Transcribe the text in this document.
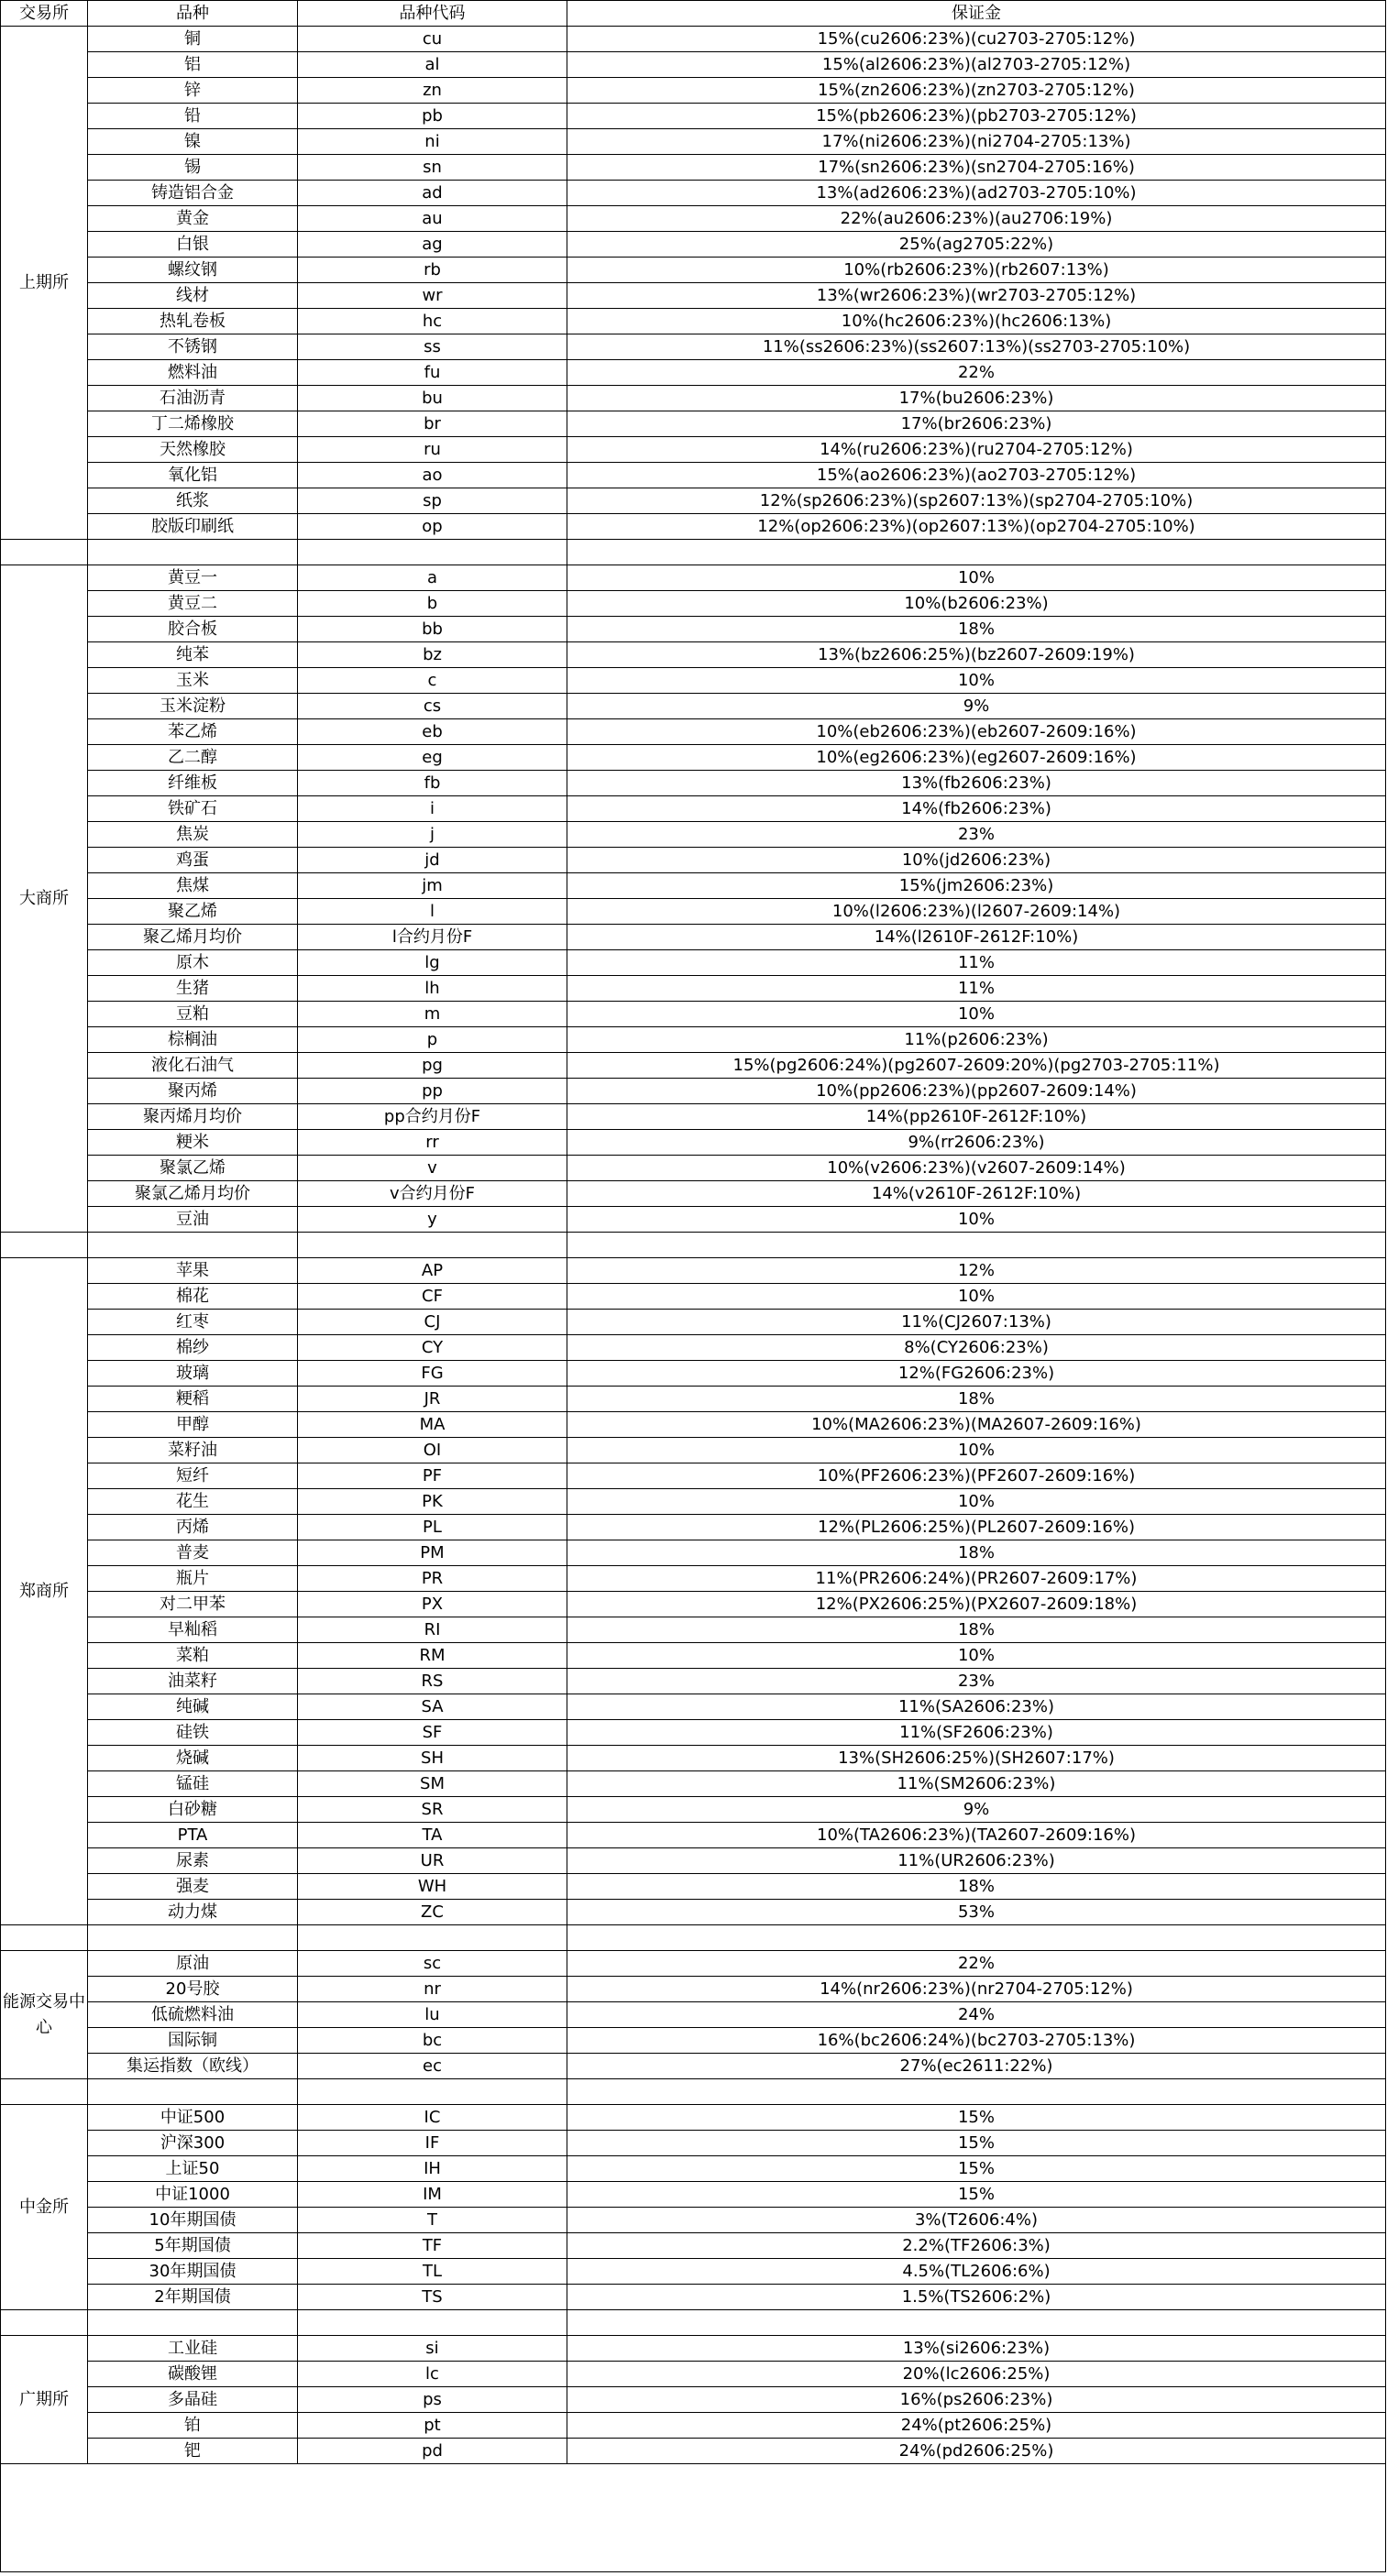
交易所	品种	品种代码	保证金
上期所	铜	cu	15%(cu2606:23%)(cu2703-2705:12%)
	铝	al	15%(al2606:23%)(al2703-2705:12%)
	锌	zn	15%(zn2606:23%)(zn2703-2705:12%)
	铅	pb	15%(pb2606:23%)(pb2703-2705:12%)
	镍	ni	17%(ni2606:23%)(ni2704-2705:13%)
	锡	sn	17%(sn2606:23%)(sn2704-2705:16%)
	铸造铝合金	ad	13%(ad2606:23%)(ad2703-2705:10%)
	黄金	au	22%(au2606:23%)(au2706:19%)
	白银	ag	25%(ag2705:22%)
	螺纹钢	rb	10%(rb2606:23%)(rb2607:13%)
	线材	wr	13%(wr2606:23%)(wr2703-2705:12%)
	热轧卷板	hc	10%(hc2606:23%)(hc2606:13%)
	不锈钢	ss	11%(ss2606:23%)(ss2607:13%)(ss2703-2705:10%)
	燃料油	fu	22%
	石油沥青	bu	17%(bu2606:23%)
	丁二烯橡胶	br	17%(br2606:23%)
	天然橡胶	ru	14%(ru2606:23%)(ru2704-2705:12%)
	氧化铝	ao	15%(ao2606:23%)(ao2703-2705:12%)
	纸浆	sp	12%(sp2606:23%)(sp2607:13%)(sp2704-2705:10%)
	胶版印刷纸	op	12%(op2606:23%)(op2607:13%)(op2704-2705:10%)

大商所	黄豆一	a	10%
	黄豆二	b	10%(b2606:23%)
	胶合板	bb	18%
	纯苯	bz	13%(bz2606:25%)(bz2607-2609:19%)
	玉米	c	10%
	玉米淀粉	cs	9%
	苯乙烯	eb	10%(eb2606:23%)(eb2607-2609:16%)
	乙二醇	eg	10%(eg2606:23%)(eg2607-2609:16%)
	纤维板	fb	13%(fb2606:23%)
	铁矿石	i	14%(fb2606:23%)
	焦炭	j	23%
	鸡蛋	jd	10%(jd2606:23%)
	焦煤	jm	15%(jm2606:23%)
	聚乙烯	l	10%(l2606:23%)(l2607-2609:14%)
	聚乙烯月均价	l合约月份F	14%(l2610F-2612F:10%)
	原木	lg	11%
	生猪	lh	11%
	豆粕	m	10%
	棕榈油	p	11%(p2606:23%)
	液化石油气	pg	15%(pg2606:24%)(pg2607-2609:20%)(pg2703-2705:11%)
	聚丙烯	pp	10%(pp2606:23%)(pp2607-2609:14%)
	聚丙烯月均价	pp合约月份F	14%(pp2610F-2612F:10%)
	粳米	rr	9%(rr2606:23%)
	聚氯乙烯	v	10%(v2606:23%)(v2607-2609:14%)
	聚氯乙烯月均价	v合约月份F	14%(v2610F-2612F:10%)
	豆油	y	10%

郑商所	苹果	AP	12%
	棉花	CF	10%
	红枣	CJ	11%(CJ2607:13%)
	棉纱	CY	8%(CY2606:23%)
	玻璃	FG	12%(FG2606:23%)
	粳稻	JR	18%
	甲醇	MA	10%(MA2606:23%)(MA2607-2609:16%)
	菜籽油	OI	10%
	短纤	PF	10%(PF2606:23%)(PF2607-2609:16%)
	花生	PK	10%
	丙烯	PL	12%(PL2606:25%)(PL2607-2609:16%)
	普麦	PM	18%
	瓶片	PR	11%(PR2606:24%)(PR2607-2609:17%)
	对二甲苯	PX	12%(PX2606:25%)(PX2607-2609:18%)
	早籼稻	RI	18%
	菜粕	RM	10%
	油菜籽	RS	23%
	纯碱	SA	11%(SA2606:23%)
	硅铁	SF	11%(SF2606:23%)
	烧碱	SH	13%(SH2606:25%)(SH2607:17%)
	锰硅	SM	11%(SM2606:23%)
	白砂糖	SR	9%
	PTA	TA	10%(TA2606:23%)(TA2607-2609:16%)
	尿素	UR	11%(UR2606:23%)
	强麦	WH	18%
	动力煤	ZC	53%

能源交易中心	原油	sc	22%
	20号胶	nr	14%(nr2606:23%)(nr2704-2705:12%)
	低硫燃料油	lu	24%
	国际铜	bc	16%(bc2606:24%)(bc2703-2705:13%)
	集运指数（欧线）	ec	27%(ec2611:22%)

中金所	中证500	IC	15%
	沪深300	IF	15%
	上证50	IH	15%
	中证1000	IM	15%
	10年期国债	T	3%(T2606:4%)
	5年期国债	TF	2.2%(TF2606:3%)
	30年期国债	TL	4.5%(TL2606:6%)
	2年期国债	TS	1.5%(TS2606:2%)

广期所	工业硅	si	13%(si2606:23%)
	碳酸锂	lc	20%(lc2606:25%)
	多晶硅	ps	16%(ps2606:23%)
	铂	pt	24%(pt2606:25%)
	钯	pd	24%(pd2606:25%)
